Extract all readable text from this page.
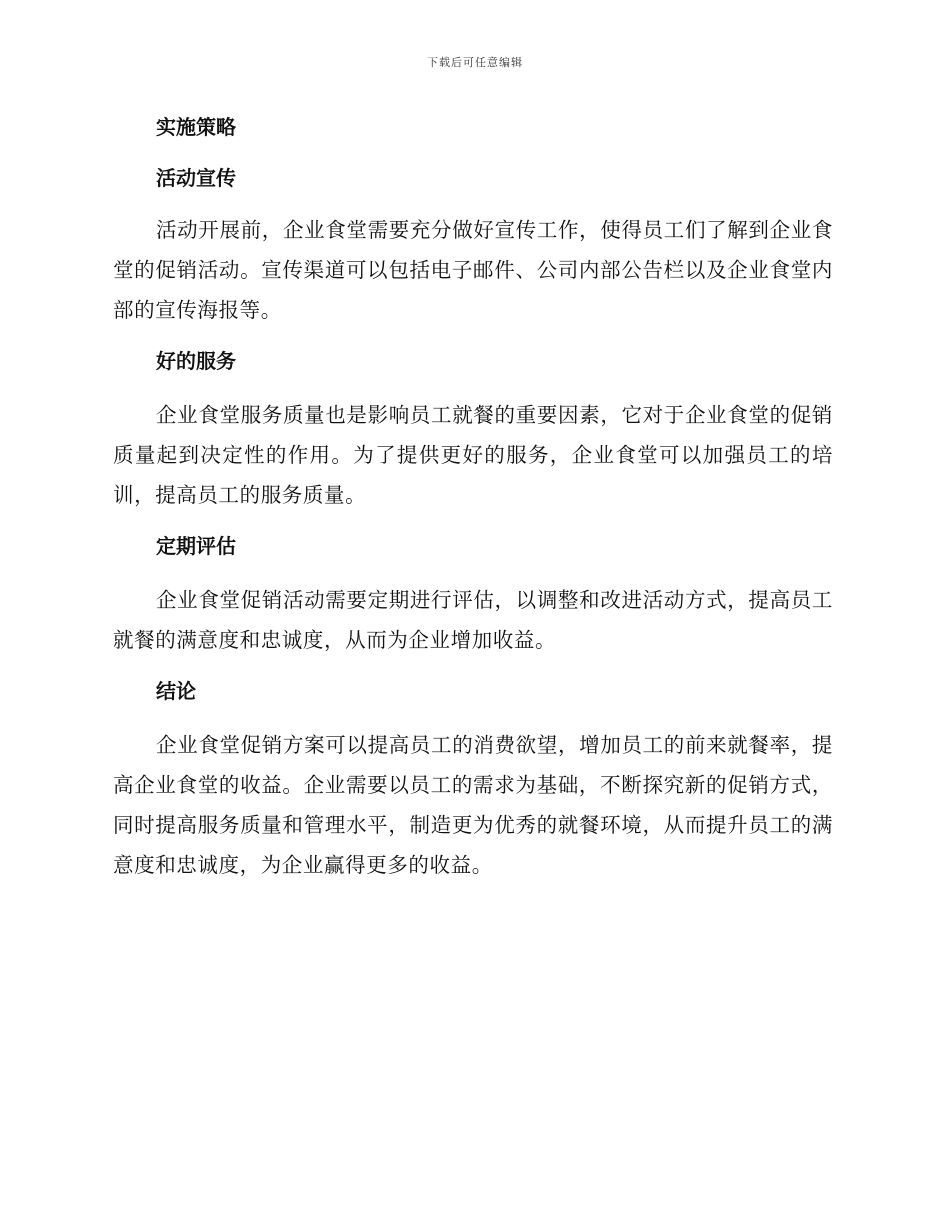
下载后可任意编辑
实施策略
活动宣传

活动开展前，企业食堂需要充分做好宣传工作，使得员工们了解到企业食堂的促销活动。宣传渠道可以包括电子邮件、公司内部公告栏以及企业食堂内部的宣传海报等。

好的服务

企业食堂服务质量也是影响员工就餐的重要因素，它对于企业食堂的促销质量起到决定性的作用。为了提供更好的服务，企业食堂可以加强员工的培训，提高员工的服务质量。

定期评估

企业食堂促销活动需要定期进行评估，以调整和改进活动方式，提高员工就餐的满意度和忠诚度，从而为企业增加收益。

结论

企业食堂促销方案可以提高员工的消费欲望，增加员工的前来就餐率，提高企业食堂的收益。企业需要以员工的需求为基础，不断探究新的促销方式，同时提高服务质量和管理水平，制造更为优秀的就餐环境，从而提升员工的满意度和忠诚度，为企业赢得更多的收益。
